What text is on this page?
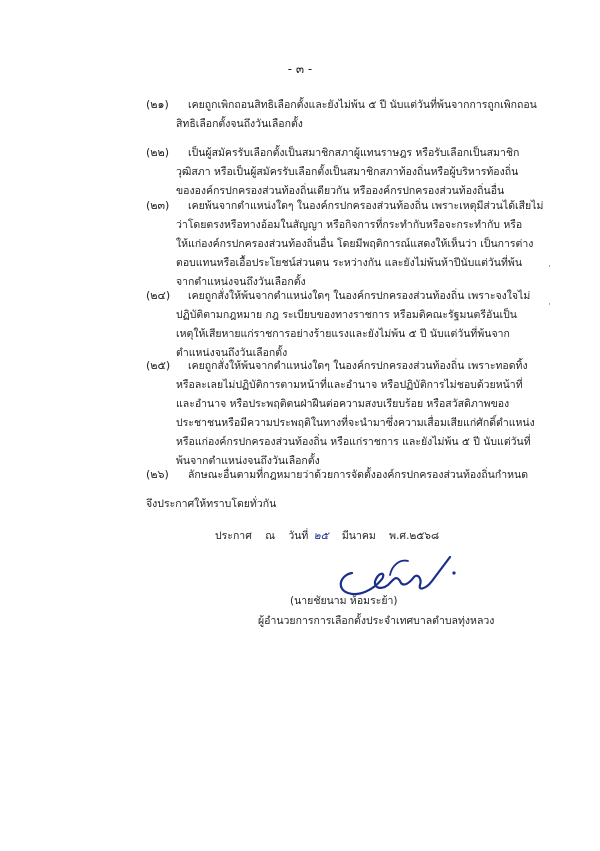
- ๓ -
(๒๑) เคยถูกเพิกถอนสิทธิเลือกตั้งและยังไม่พ้น ๕ ปี นับแต่วันที่พ้นจากการถูกเพิกถอน
สิทธิเลือกตั้งจนถึงวันเลือกตั้ง
(๒๒) เป็นผู้สมัครรับเลือกตั้งเป็นสมาชิกสภาผู้แทนราษฎร หรือรับเลือกเป็นสมาชิก
วุฒิสภา หรือเป็นผู้สมัครรับเลือกตั้งเป็นสมาชิกสภาท้องถิ่นหรือผู้บริหารท้องถิ่น
ขององค์กรปกครองส่วนท้องถิ่นเดียวกัน หรือองค์กรปกครองส่วนท้องถิ่นอื่น
(๒๓) เคยพ้นจากตำแหน่งใดๆ ในองค์กรปกครองส่วนท้องถิ่น เพราะเหตุมีส่วนได้เสียไม่
ว่าโดยตรงหรือทางอ้อมในสัญญา หรือกิจการที่กระทำกับหรือจะกระทำกับ หรือ
ให้แก่องค์กรปกครองส่วนท้องถิ่นอื่น โดยมีพฤติการณ์แสดงให้เห็นว่า เป็นการต่าง
ตอบแทนหรือเอื้อประโยชน์ส่วนตน ระหว่างกัน และยังไม่พ้นห้าปีนับแต่วันที่พ้น
จากตำแหน่งจนถึงวันเลือกตั้ง
(๒๔) เคยถูกสั่งให้พ้นจากตำแหน่งใดๆ ในองค์กรปกครองส่วนท้องถิ่น เพราะจงใจไม่
ปฏิบัติตามกฎหมาย กฎ ระเบียบของทางราชการ หรือมติคณะรัฐมนตรีอันเป็น
เหตุให้เสียหายแก่ราชการอย่างร้ายแรงและยังไม่พ้น ๕ ปี นับแต่วันที่พ้นจาก
ตำแหน่งจนถึงวันเลือกตั้ง
(๒๕) เคยถูกสั่งให้พ้นจากตำแหน่งใดๆ ในองค์กรปกครองส่วนท้องถิ่น เพราะทอดทิ้ง
หรือละเลยไม่ปฏิบัติการตามหน้าที่และอำนาจ หรือปฏิบัติการไม่ชอบด้วยหน้าที่
และอำนาจ หรือประพฤติตนฝ่าฝืนต่อความสงบเรียบร้อย หรือสวัสดิภาพของ
ประชาชนหรือมีความประพฤติในทางที่จะนำมาซึ่งความเสื่อมเสียแก่ศักดิ์ตำแหน่ง
หรือแก่องค์กรปกครองส่วนท้องถิ่น หรือแก่ราชการ และยังไม่พ้น ๕ ปี นับแต่วันที่
พ้นจากตำแหน่งจนถึงวันเลือกตั้ง
(๒๖) ลักษณะอื่นตามที่กฎหมายว่าด้วยการจัดตั้งองค์กรปกครองส่วนท้องถิ่นกำหนด
จึงประกาศให้ทราบโดยทั่วกัน
ประกาศ ณ วันที่ ๒๕ มีนาคม พ.ศ.๒๕๖๘
(นายชัยนาม ห้อมระย้า)
ผู้อำนวยการการเลือกตั้งประจำเทศบาลตำบลทุ่งหลวง
·
·
